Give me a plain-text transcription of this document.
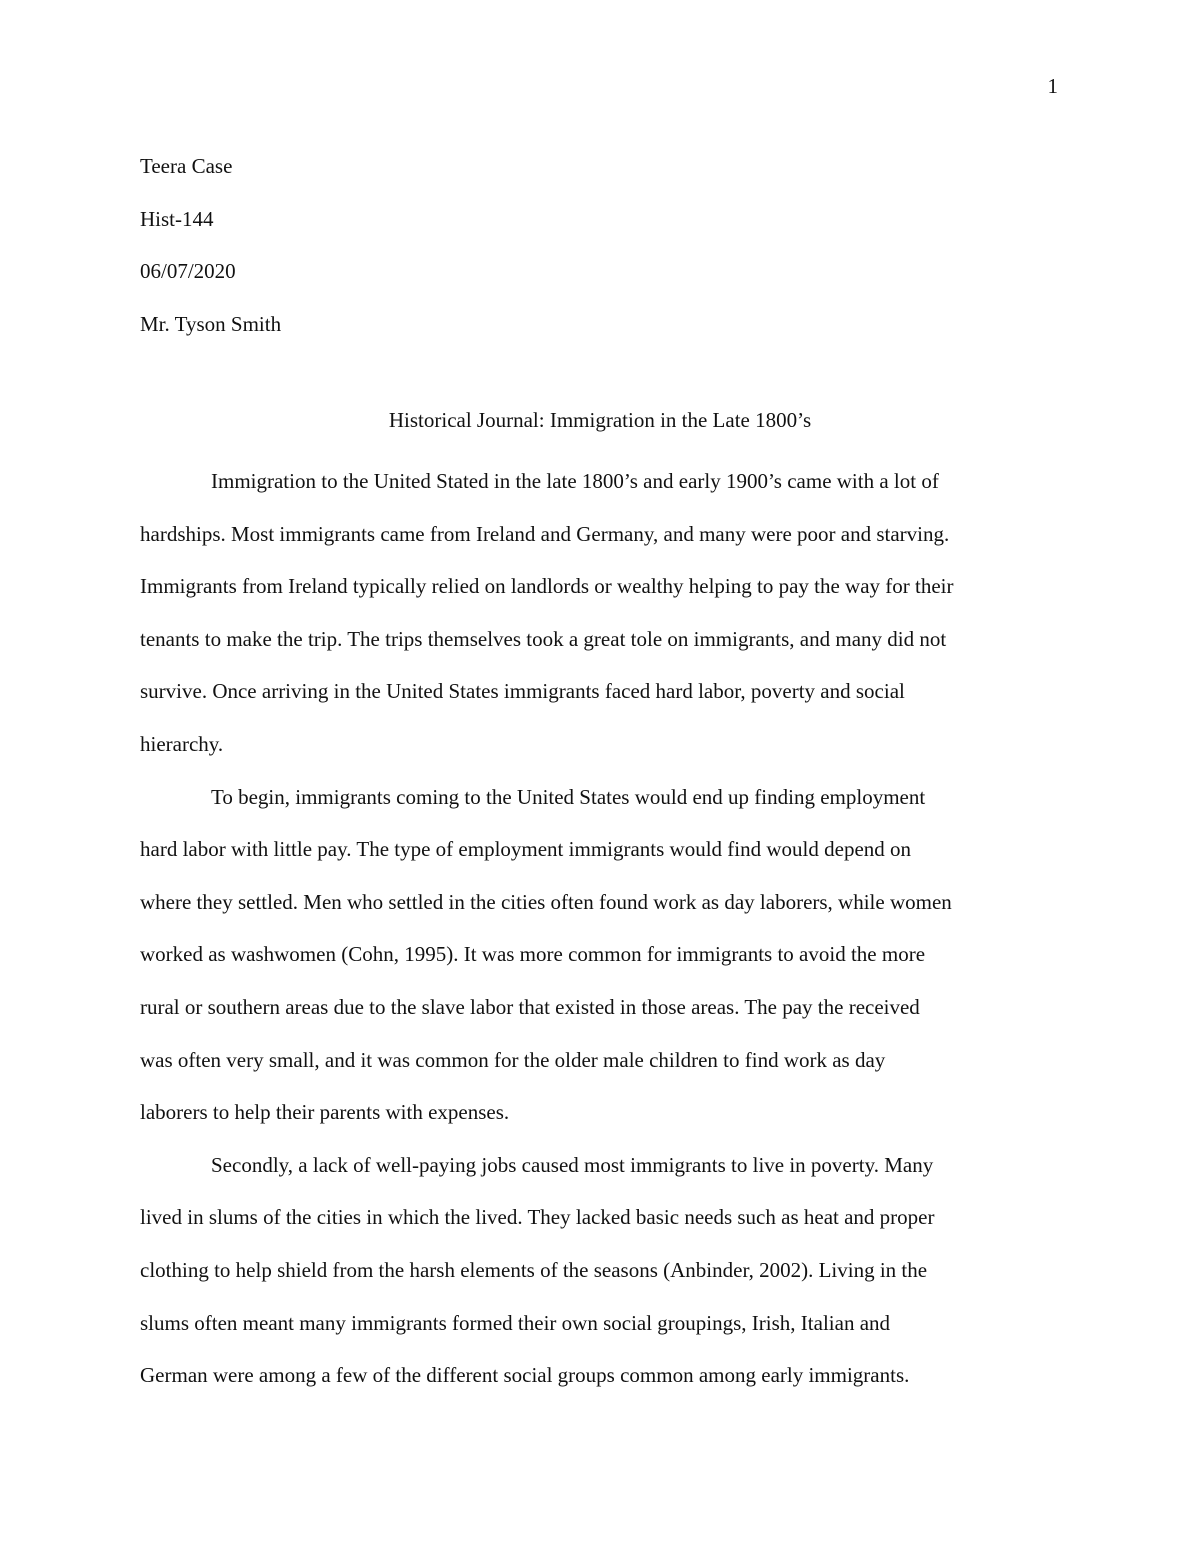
1
Teera Case
Hist-144
06/07/2020
Mr. Tyson Smith
Historical Journal: Immigration in the Late 1800’s
Immigration to the United Stated in the late 1800’s and early 1900’s came with a lot of
hardships. Most immigrants came from Ireland and Germany, and many were poor and starving.
Immigrants from Ireland typically relied on landlords or wealthy helping to pay the way for their
tenants to make the trip. The trips themselves took a great tole on immigrants, and many did not
survive. Once arriving in the United States immigrants faced hard labor, poverty and social
hierarchy.
To begin, immigrants coming to the United States would end up finding employment
hard labor with little pay. The type of employment immigrants would find would depend on
where they settled. Men who settled in the cities often found work as day laborers, while women
worked as washwomen (Cohn, 1995). It was more common for immigrants to avoid the more
rural or southern areas due to the slave labor that existed in those areas. The pay the received
was often very small, and it was common for the older male children to find work as day
laborers to help their parents with expenses.
Secondly, a lack of well-paying jobs caused most immigrants to live in poverty. Many
lived in slums of the cities in which the lived. They lacked basic needs such as heat and proper
clothing to help shield from the harsh elements of the seasons (Anbinder, 2002). Living in the
slums often meant many immigrants formed their own social groupings, Irish, Italian and
German were among a few of the different social groups common among early immigrants.
